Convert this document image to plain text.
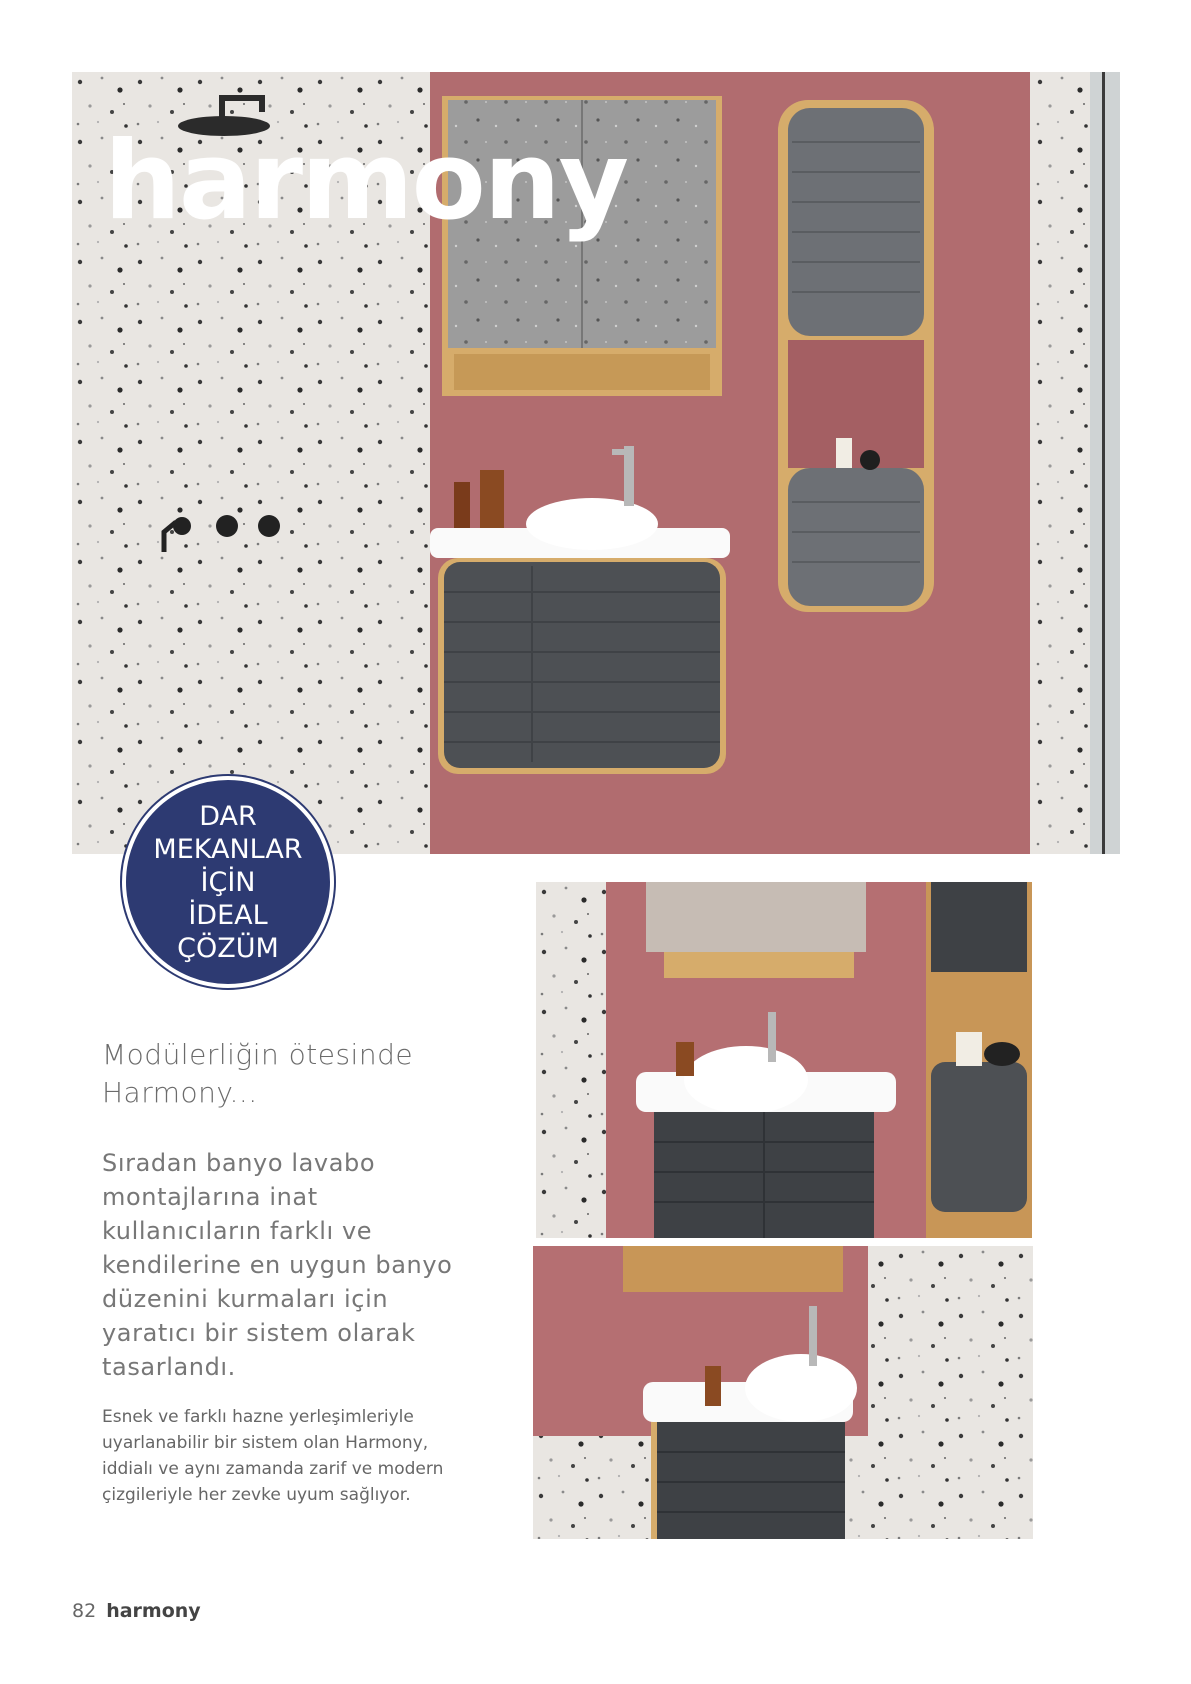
harmony
DAR
MEKANLAR
İÇİN
İDEAL
ÇÖZÜM

Modülerliğin ötesinde Harmony...

Sıradan banyo lavabo montajlarına inat kullanıcıların farklı ve kendilerine en uygun banyo düzenini kurmaları için yaratıcı bir sistem olarak tasarlandı.

Esnek ve farklı hazne yerleşimleriyle uyarlanabilir bir sistem olan Harmony, iddialı ve aynı zamanda zarif ve modern çizgileriyle her zevke uyum sağlıyor.

82 harmony
